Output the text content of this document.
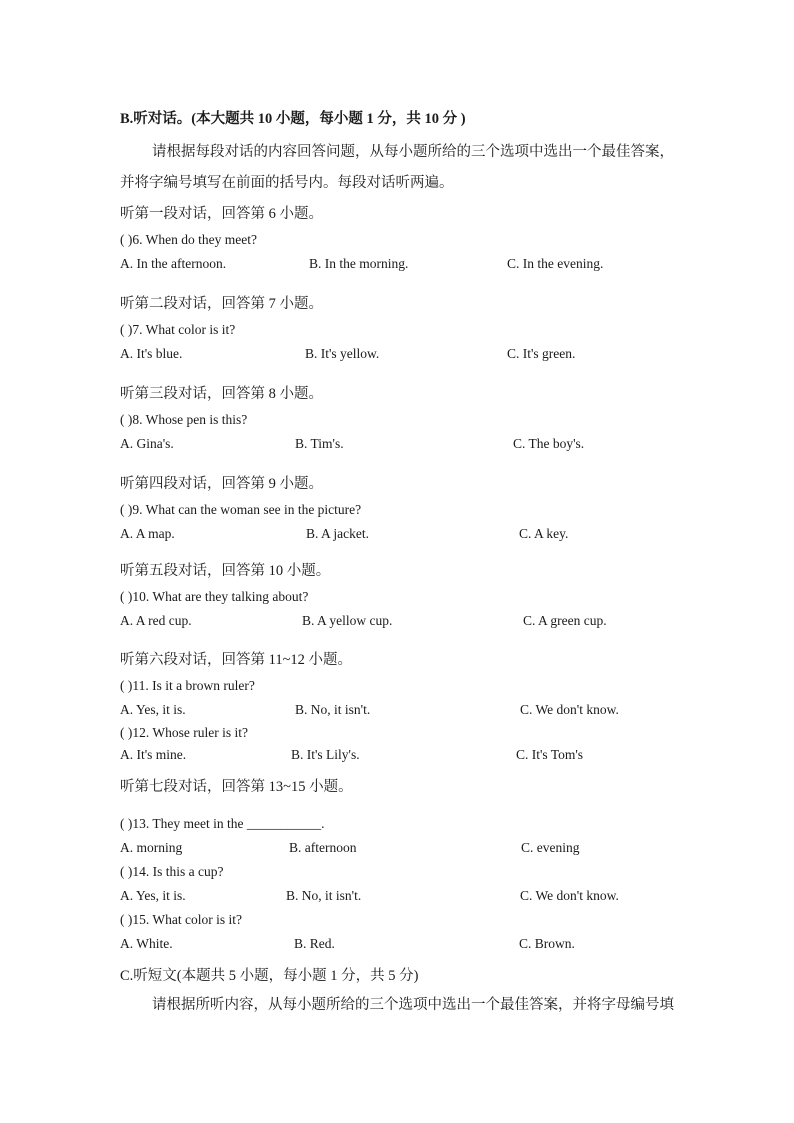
B.听对话。(本大题共 10 小题，每小题 1 分，共 10 分 )
请根据每段对话的内容回答问题，从每小题所给的三个选项中选出一个最佳答案，
并将字编号填写在前面的括号内。每段对话听两遍。
听第一段对话，回答第 6 小题。
( )6. When do they meet?
A. In the afternoon.	B. In the morning.	C. In the evening.
听第二段对话，回答第 7 小题。
( )7. What color is it?
A. It's blue.	B. It's yellow.	C. It's green.
听第三段对话，回答第 8 小题。
( )8. Whose pen is this?
A. Gina's.	B. Tim's.	C. The boy's.
听第四段对话，回答第 9 小题。
( )9. What can the woman see in the picture?
A. A map.	B. A jacket.	C. A key.
听第五段对话，回答第 10 小题。
( )10. What are they talking about?
A. A red cup.	B. A yellow cup.	C. A green cup.
听第六段对话，回答第 11~12 小题。
( )11. Is it a brown ruler?
A. Yes, it is.	B. No, it isn't.	C. We don't know.
( )12. Whose ruler is it?
A. It's mine.	B. It's Lily's.	C. It's Tom's
听第七段对话，回答第 13~15 小题。
( )13. They meet in the ___________.
A. morning	B. afternoon	C. evening
( )14. Is this a cup?
A. Yes, it is.	B. No, it isn't.	C. We don't know.
( )15. What color is it?
A. White.	B. Red.	C. Brown.
C.听短文(本题共 5 小题，每小题 1 分，共 5 分)
请根据所听内容，从每小题所给的三个选项中选出一个最佳答案，并将字母编号填
